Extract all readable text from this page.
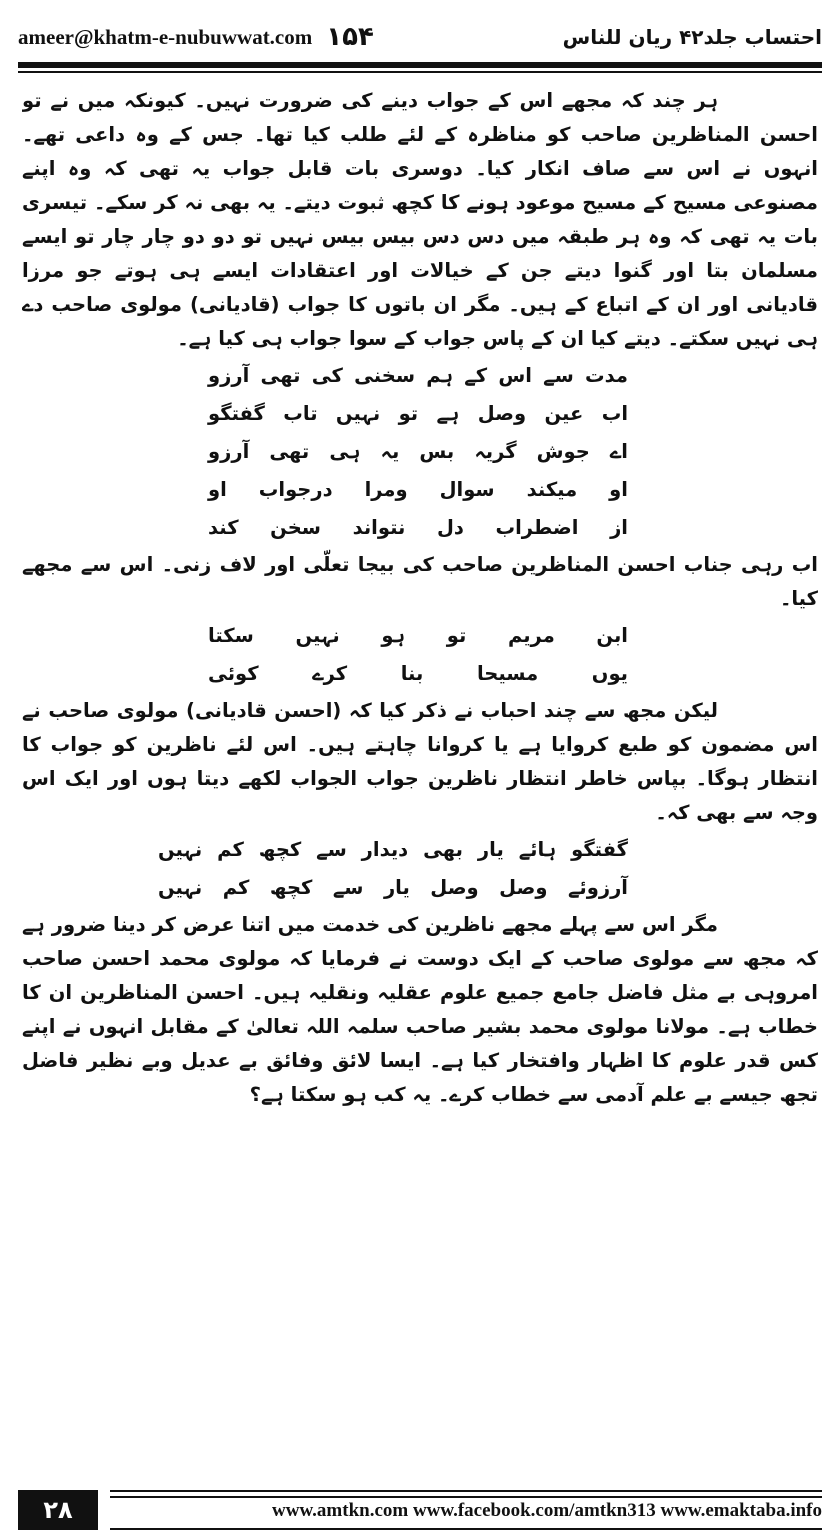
ameer@khatm-e-nubuwwat.com ۱۵۴	احتساب جلد۴۲ ریان للناس

ہر چند کہ مجھے اس کے جواب دینے کی ضرورت نہیں۔ کیونکہ میں نے تو احسن المناظرین صاحب کو مناظرہ کے لئے طلب کیا تھا۔ جس کے وہ داعی تھے۔ انہوں نے اس سے صاف انکار کیا۔ دوسری بات قابل جواب یہ تھی کہ وہ اپنے مصنوعی مسیح کے مسیح موعود ہونے کا کچھ ثبوت دیتے۔ یہ بھی نہ کر سکے۔ تیسری بات یہ تھی کہ وہ ہر طبقہ میں دس دس بیس بیس نہیں تو دو دو چار چار تو ایسے مسلمان بتا اور گنوا دیتے جن کے خیالات اور اعتقادات ایسے ہی ہوتے جو مرزا قادیانی اور ان کے اتباع کے ہیں۔ مگر ان باتوں کا جواب (قادیانی) مولوی صاحب دے ہی نہیں سکتے۔ دیتے کیا ان کے پاس جواب کے سوا جواب ہی کیا ہے۔

مدت سے اس کے ہم سخنی کی تھی آرزو
اب عین وصل ہے تو نہیں تاب گفتگو
اے جوش گریہ بس یہ ہی تھی آرزو
او میکند سوال ومرا درجواب او
از اضطراب دل نتواند سخن کند

اب رہی جناب احسن المناظرین صاحب کی بیجا تعلّی اور لاف زنی۔ اس سے مجھے کیا۔

ابن مریم تو ہو نہیں سکتا
یوں مسیحا بنا کرے کوئی

لیکن مجھ سے چند احباب نے ذکر کیا کہ (احسن قادیانی) مولوی صاحب نے اس مضمون کو طبع کروایا ہے یا کروانا چاہتے ہیں۔ اس لئے ناظرین کو جواب کا انتظار ہوگا۔ بپاس خاطر انتظار ناظرین جواب الجواب لکھے دیتا ہوں اور ایک اس وجہ سے بھی کہ۔

گفتگو ہائے یار بھی دیدار سے کچھ کم نہیں
آرزوئے وصل وصل یار سے کچھ کم نہیں

مگر اس سے پہلے مجھے ناظرین کی خدمت میں اتنا عرض کر دینا ضرور ہے کہ مجھ سے مولوی صاحب کے ایک دوست نے فرمایا کہ مولوی محمد احسن صاحب امروہی بے مثل فاضل جامع جمیع علوم عقلیہ ونقلیہ ہیں۔ احسن المناظرین ان کا خطاب ہے۔ مولانا مولوی محمد بشیر صاحب سلمہ اللہ تعالیٰ کے مقابل انہوں نے اپنے کس قدر علوم کا اظہار وافتخار کیا ہے۔ ایسا لائق وفائق بے عدیل وبے نظیر فاضل تجھ جیسے بے علم آدمی سے خطاب کرے۔ یہ کب ہو سکتا ہے؟

۲۸	www.amtkn.com www.facebook.com/amtkn313 www.emaktaba.info
